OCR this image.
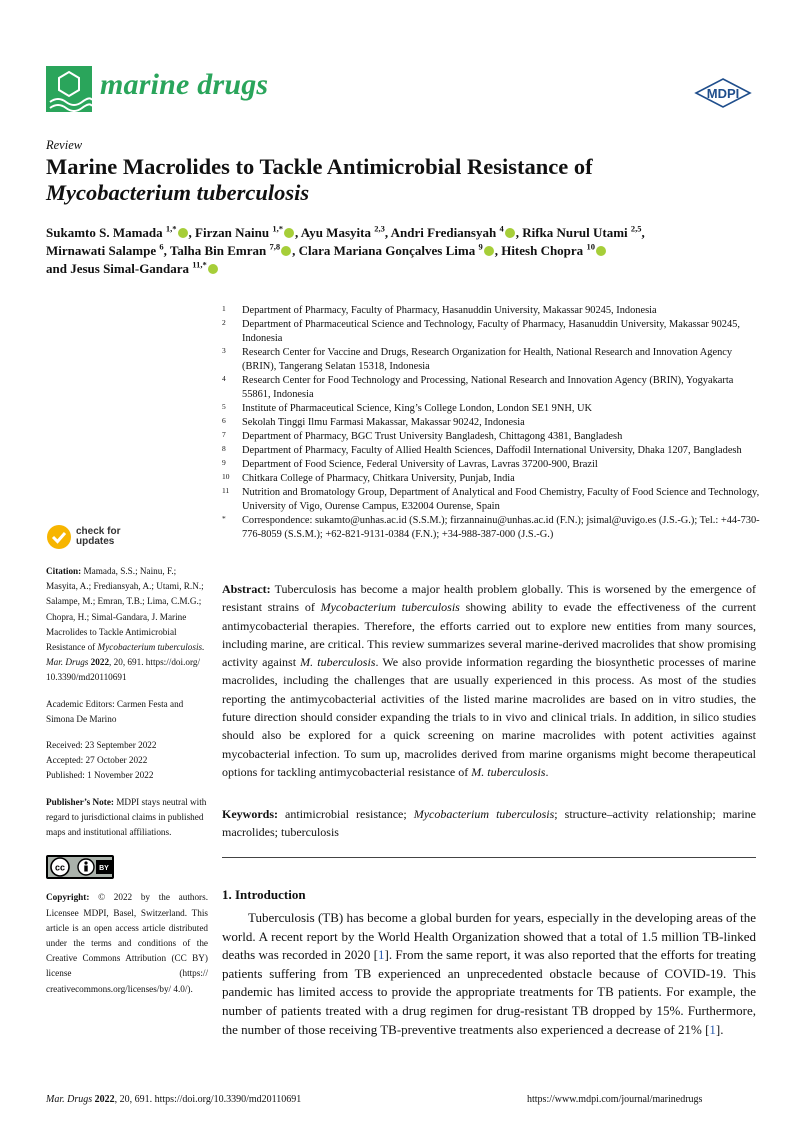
marine drugs	MDPI
Review
Marine Macrolides to Tackle Antimicrobial Resistance of
Mycobacterium tuberculosis
Sukamto S. Mamada $^{1,*}$ , Firzan Nainu $^{1,*}$ , Ayu Masyita $^{2,3}$, Andri Frediansyah $^4$ , Rifka Nurul Utami $^{2,5}$,
Mirnawati Salampe $^6$, Talha Bin Emran $^{7,8}$ , Clara Mariana Gonçalves Lima $^9$ , Hitesh Chopra $^{10}$
and Jesus Simal-Gandara $^{11,*}$
1 Department of Pharmacy, Faculty of Pharmacy, Hasanuddin University, Makassar 90245, Indonesia
2 Department of Pharmaceutical Science and Technology, Faculty of Pharmacy, Hasanuddin University, Makassar 90245, Indonesia
3 Research Center for Vaccine and Drugs, Research Organization for Health, National Research and Innovation Agency (BRIN), Tangerang Selatan 15318, Indonesia
4 Research Center for Food Technology and Processing, National Research and Innovation Agency (BRIN), Yogyakarta 55861, Indonesia
5 Institute of Pharmaceutical Science, King’s College London, London SE1 9NH, UK
6 Sekolah Tinggi Ilmu Farmasi Makassar, Makassar 90242, Indonesia
7 Department of Pharmacy, BGC Trust University Bangladesh, Chittagong 4381, Bangladesh
8 Department of Pharmacy, Faculty of Allied Health Sciences, Daffodil International University, Dhaka 1207, Bangladesh
9 Department of Food Science, Federal University of Lavras, Lavras 37200-900, Brazil
10 Chitkara College of Pharmacy, Chitkara University, Punjab, India
11 Nutrition and Bromatology Group, Department of Analytical and Food Chemistry, Faculty of Food Science and Technology, University of Vigo, Ourense Campus, E32004 Ourense, Spain
* Correspondence: sukamto@unhas.ac.id (S.S.M.); firzannainu@unhas.ac.id (F.N.); jsimal@uvigo.es (J.S.-G.); Tel.: +44-730-776-8059 (S.S.M.); +62-821-9131-0384 (F.N.); +34-988-387-000 (J.S.-G.)
check for
updates
Citation: Mamada, S.S.; Nainu, F.; Masyita, A.; Frediansyah, A.; Utami, R.N.; Salampe, M.; Emran, T.B.; Lima, C.M.G.; Chopra, H.; Simal-Gandara, J. Marine Macrolides to Tackle Antimicrobial Resistance of Mycobacterium tuberculosis. Mar. Drugs 2022, 20, 691. https://doi.org/ 10.3390/md20110691
Academic Editors: Carmen Festa and Simona De Marino
Received: 23 September 2022
Accepted: 27 October 2022
Published: 1 November 2022
Publisher’s Note: MDPI stays neutral with regard to jurisdictional claims in published maps and institutional affiliations.
cc	BY
Copyright: © 2022 by the authors. Licensee MDPI, Basel, Switzerland. This article is an open access article distributed under the terms and conditions of the Creative Commons Attribution (CC BY) license (https:// creativecommons.org/licenses/by/ 4.0/).
Abstract: Tuberculosis has become a major health problem globally. This is worsened by the emergence of resistant strains of Mycobacterium tuberculosis showing ability to evade the effectiveness of the current antimycobacterial therapies. Therefore, the efforts carried out to explore new entities from many sources, including marine, are critical. This review summarizes several marine-derived macrolides that show promising activity against M. tuberculosis. We also provide information regarding the biosynthetic processes of marine macrolides, including the challenges that are usually experienced in this process. As most of the studies reporting the antimycobacterial activities of the listed marine macrolides are based on in vitro studies, the future direction should consider expanding the trials to in vivo and clinical trials. In addition, in silico studies should also be explored for a quick screening on marine macrolides with potent activities against mycobacterial infection. To sum up, macrolides derived from marine organisms might become therapeutical options for tackling antimycobacterial resistance of M. tuberculosis.
Keywords: antimicrobial resistance; Mycobacterium tuberculosis; structure–activity relationship; marine macrolides; tuberculosis
1. Introduction
Tuberculosis (TB) has become a global burden for years, especially in the developing areas of the world. A recent report by the World Health Organization showed that a total of 1.5 million TB-linked deaths was recorded in 2020 [1]. From the same report, it was also reported that the efforts for treating patients suffering from TB experienced an unprecedented obstacle because of COVID-19. This pandemic has limited access to provide the appropriate treatments for TB patients. For example, the number of patients treated with a drug regimen for drug-resistant TB dropped by 15%. Furthermore, the number of those receiving TB-preventive treatments also experienced a decrease of 21% [1].
Mar. Drugs 2022, 20, 691. https://doi.org/10.3390/md20110691	https://www.mdpi.com/journal/marinedrugs
